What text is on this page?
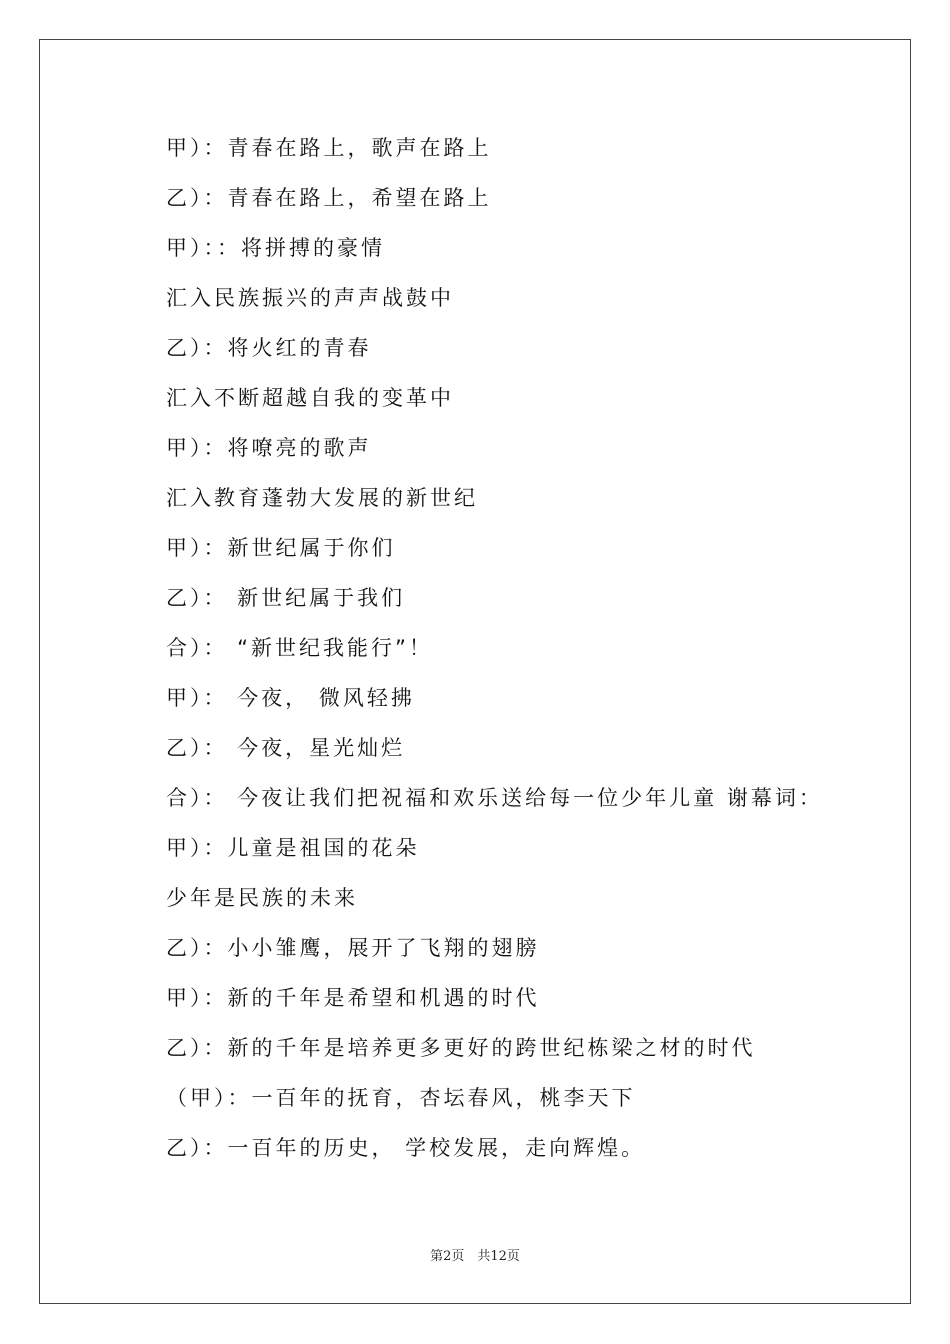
甲）：青春在路上，歌声在路上
乙）：青春在路上，希望在路上
甲）：：将拼搏的豪情
汇入民族振兴的声声战鼓中
乙）：将火红的青春
汇入不断超越自我的变革中
甲）：将嘹亮的歌声
汇入教育蓬勃大发展的新世纪
甲）：新世纪属于你们
乙）： 新世纪属于我们
合）： “新世纪我能行”！
甲）： 今夜， 微风轻拂
乙）： 今夜，星光灿烂
合）： 今夜让我们把祝福和欢乐送给每一位少年儿童 谢幕词：
甲）：儿童是祖国的花朵
少年是民族的未来
乙）：小小雏鹰，展开了飞翔的翅膀
甲）：新的千年是希望和机遇的时代
乙）：新的千年是培养更多更好的跨世纪栋梁之材的时代
（甲）：一百年的抚育，杏坛春风，桃李天下
乙）：一百年的历史， 学校发展，走向辉煌。
第2页　共12页
